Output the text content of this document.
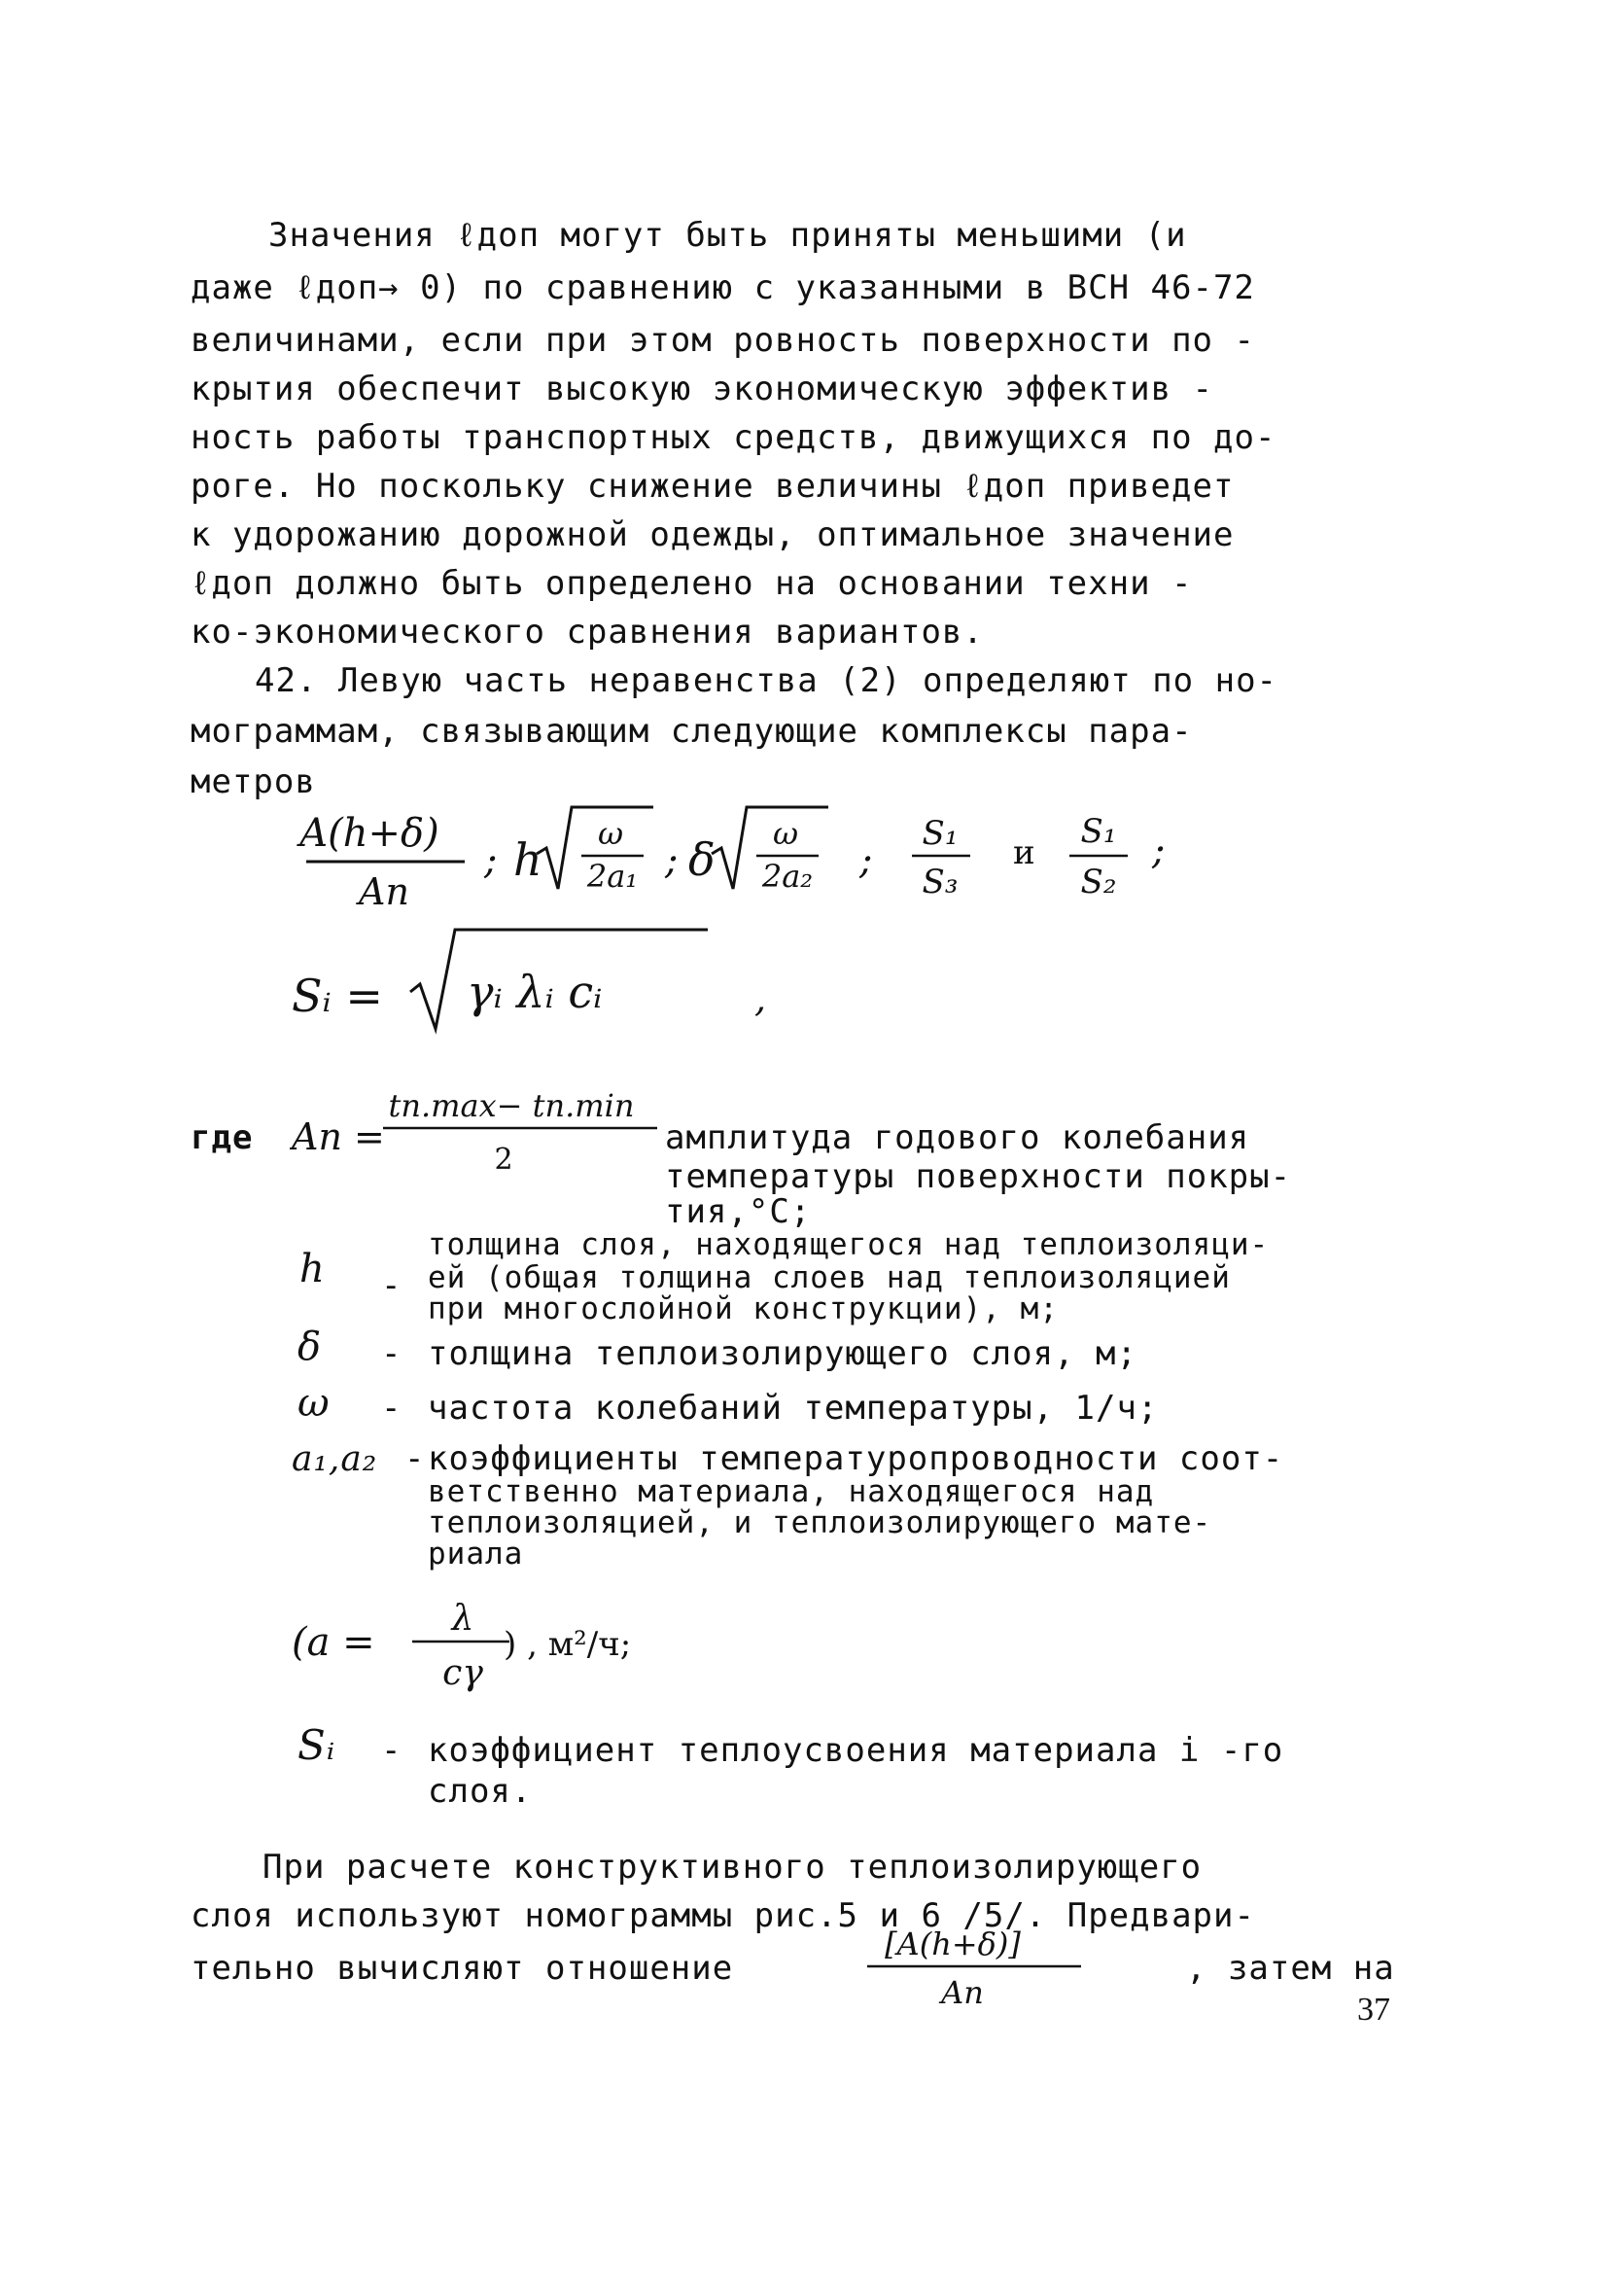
Значения ℓдоп могут быть приняты меньшими (и
даже ℓдоп→ 0) по сравнению с указанными в ВСН 46-72
величинами, если при этом ровность поверхности по -
крытия обеспечит высокую экономическую эффектив -
ность работы транспортных средств, движущихся по до-
роге. Но поскольку снижение величины ℓдоп приведет
к удорожанию дорожной одежды, оптимальное значение
ℓдоп должно быть определено на основании техни -
ко-экономического сравнения вариантов.
42. Левую часть неравенства (2) определяют по но-
мограммам, связывающим следующие комплексы пара-
метров
A(h+δ)
Aп
; h ω
2a₁ ; δ ω
2a₂ ;
S₁
S₃
и
S₁
S₂
;
Sᵢ = γᵢ λᵢ cᵢ	,
где Aп =
tп.max− tп.min
2
амплитуда годового колебания
температуры поверхности покры-
тия,°С;
h -
толщина слоя, находящегося над теплоизоляци-
ей (общая толщина слоев над теплоизоляцией
при многослойной конструкции), м;
δ - толщина теплоизолирующего слоя, м;
ω - частота колебаний температуры, 1/ч;
a₁,a₂ - коэффициенты температуропроводности соот-
ветственно материала, находящегося над
теплоизоляцией, и теплоизолирующего мате-
риала
(a =
λ
cγ
) , м²/ч;
Sᵢ - коэффициент теплоусвоения материала i -го
слоя.
При расчете конструктивного теплоизолирующего
слоя используют номограммы рис.5 и 6 /5/. Предвари-
тельно вычисляют отношение
[A(h+δ)]
Aп
, затем на
37
